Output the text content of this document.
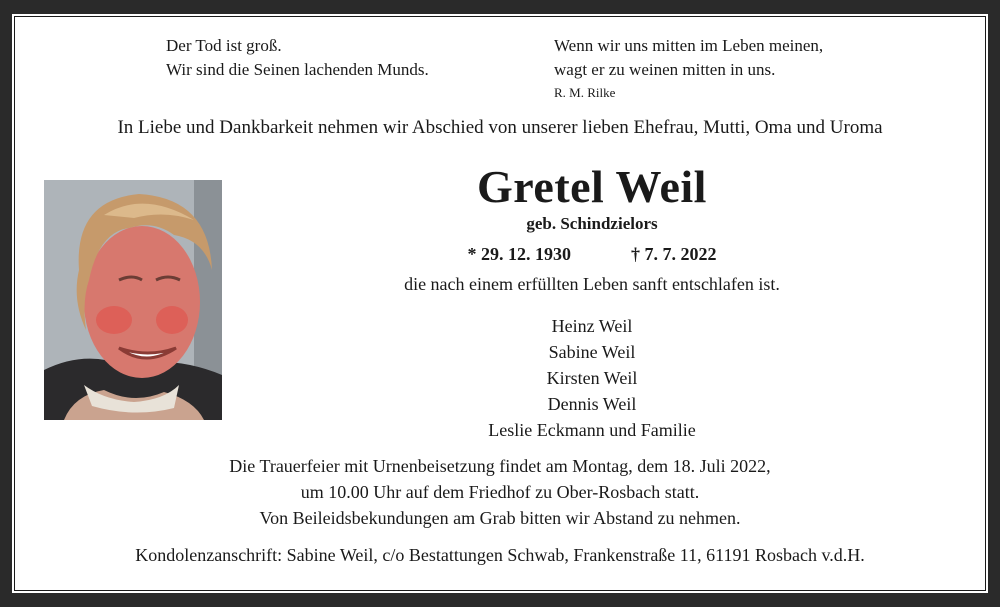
Der Tod ist groß.
Wir sind die Seinen lachenden Munds.
Wenn wir uns mitten im Leben meinen,
wagt er zu weinen mitten in uns.
R. M. Rilke
In Liebe und Dankbarkeit nehmen wir Abschied von unserer lieben Ehefrau, Mutti, Oma und Uroma
Gretel Weil
geb. Schindzielors
* 29. 12. 1930	† 7. 7. 2022
die nach einem erfüllten Leben sanft entschlafen ist.
Heinz Weil
Sabine Weil
Kirsten Weil
Dennis Weil
Leslie Eckmann und Familie
Die Trauerfeier mit Urnenbeisetzung findet am Montag, dem 18. Juli 2022,
um 10.00 Uhr auf dem Friedhof zu Ober-Rosbach statt.
Von Beileidsbekundungen am Grab bitten wir Abstand zu nehmen.
Kondolenzanschrift: Sabine Weil, c/o Bestattungen Schwab, Frankenstraße 11, 61191 Rosbach v.d.H.
